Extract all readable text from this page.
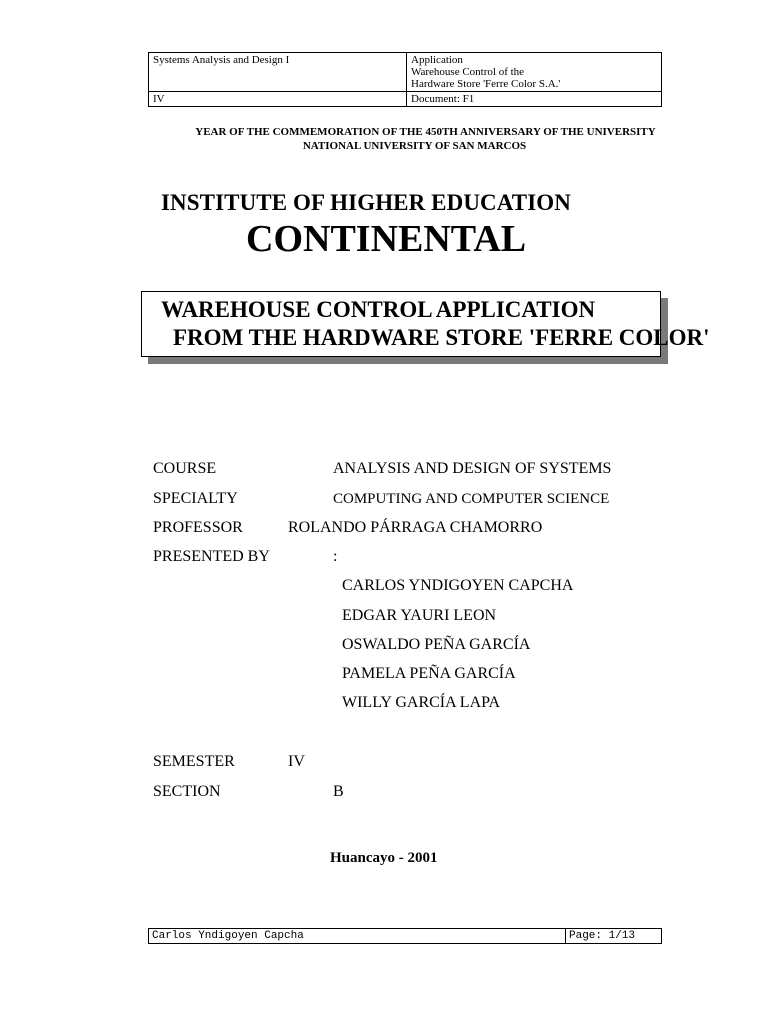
Systems Analysis and Design I	Application
Warehouse Control of the
Hardware Store 'Ferre Color S.A.'

IV	Document: F1
YEAR OF THE COMMEMORATION OF THE 450TH ANNIVERSARY OF THE UNIVERSITY
NATIONAL UNIVERSITY OF SAN MARCOS
INSTITUTE OF HIGHER EDUCATION
CONTINENTAL
WAREHOUSE CONTROL APPLICATION
FROM THE HARDWARE STORE 'FERRE COLOR'
COURSE	ANALYSIS AND DESIGN OF SYSTEMS
SPECIALTY	COMPUTING AND COMPUTER SCIENCE
PROFESSOR	ROLANDO PÁRRAGA CHAMORRO
PRESENTED BY	:
CARLOS YNDIGOYEN CAPCHA
EDGAR YAURI LEON
OSWALDO PEÑA GARCÍA
PAMELA PEÑA GARCÍA
WILLY GARCÍA LAPA
SEMESTER	IV
SECTION	B
Huancayo - 2001
Carlos Yndigoyen Capcha	Page: 1/13
